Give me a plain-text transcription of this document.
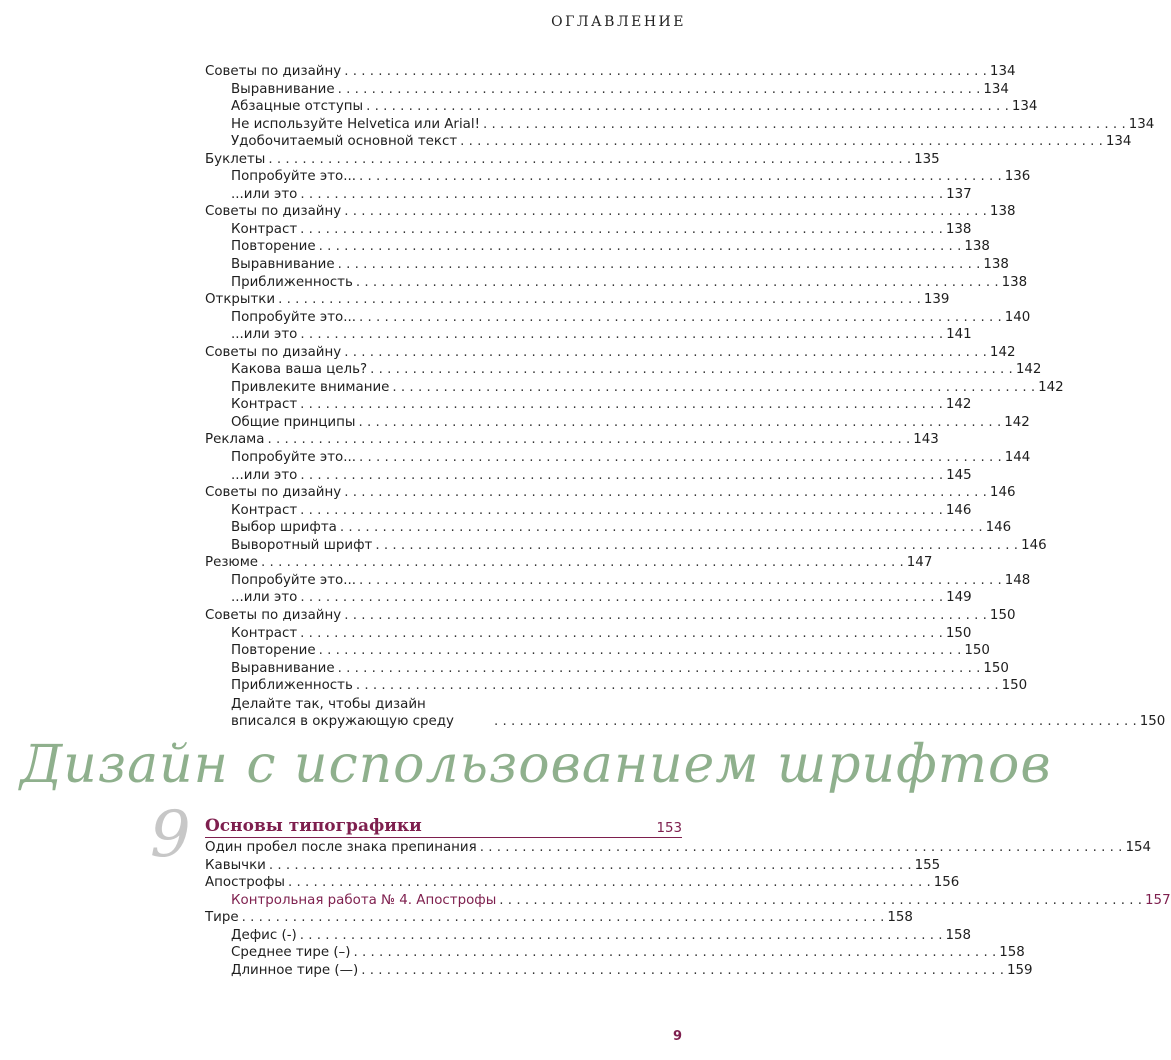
ОГЛАВЛЕНИЕ
Советы по дизайну . . .	134
Выравнивание . . .	134
Абзацные отступы . . .	134
Не используйте Helvetica или Arial! . . .	134
Удобочитаемый основной текст . . .	134
Буклеты . . .	135
Попробуйте это... . . .	136
...или это . . .	137
Советы по дизайну . . .	138
Контраст . . .	138
Повторение . . .	138
Выравнивание . . .	138
Приближенность . . .	138
Открытки . . .	139
Попробуйте это... . . .	140
...или это . . .	141
Советы по дизайну . . .	142
Какова ваша цель? . . .	142
Привлеките внимание . . .	142
Контраст . . .	142
Общие принципы . . .	142
Реклама . . .	143
Попробуйте это... . . .	144
...или это . . .	145
Советы по дизайну . . .	146
Контраст . . .	146
Выбор шрифта . . .	146
Выворотный шрифт . . .	146
Резюме . . .	147
Попробуйте это... . . .	148
...или это . . .	149
Советы по дизайну . . .	150
Контраст . . .	150
Повторение . . .	150
Выравнивание . . .	150
Приближенность . . .	150
Делайте так, чтобы дизайн вписался в окружающую среду . . .	150
Дизайн с использованием шрифтов
9 Основы типографики	153
Один пробел после знака препинания . . .	154
Кавычки . . .	155
Апострофы . . .	156
Контрольная работа № 4. Апострофы . . .	157
Тире . . .	158
Дефис (-) . . .	158
Среднее тире (–) . . .	158
Длинное тире (—) . . .	159
9
